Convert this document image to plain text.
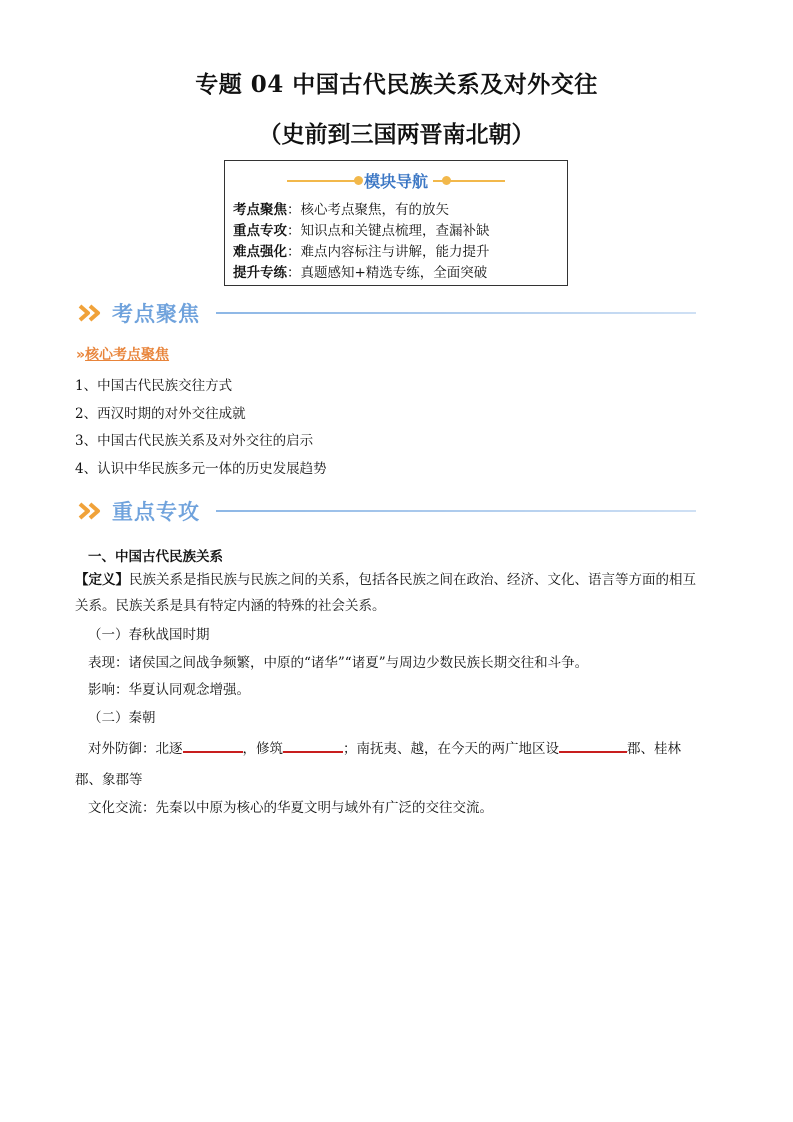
专题 04 中国古代民族关系及对外交往
（史前到三国两晋南北朝）
模块导航
考点聚焦：核心考点聚焦，有的放矢
重点专攻：知识点和关键点梳理，查漏补缺
难点强化：难点内容标注与讲解，能力提升
提升专练：真题感知+精选专练，全面突破
考点聚焦
»核心考点聚焦
1、中国古代民族交往方式
2、西汉时期的对外交往成就
3、中国古代民族关系及对外交往的启示
4、认识中华民族多元一体的历史发展趋势
重点专攻
一、中国古代民族关系
【定义】民族关系是指民族与民族之间的关系，包括各民族之间在政治、经济、文化、语言等方面的相互
关系。民族关系是具有特定内涵的特殊的社会关系。
（一）春秋战国时期
表现：诸侯国之间战争频繁，中原的“诸华”“诸夏”与周边少数民族长期交往和斗争。
影响：华夏认同观念增强。
（二）秦朝
对外防御：北逐	，修筑	；南抚夷、越，在今天的两广地区设	郡、桂林
郡、象郡等
文化交流：先秦以中原为核心的华夏文明与域外有广泛的交往交流。
